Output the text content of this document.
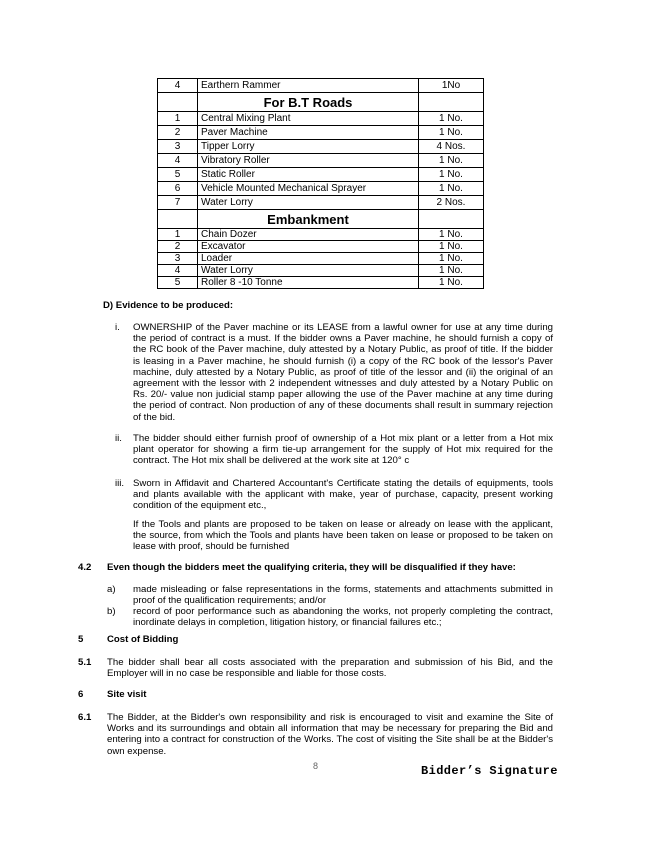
4	Earthern Rammer	1No
	For B.T Roads	
1	Central Mixing Plant	1 No.
2	Paver Machine	1 No.
3	Tipper Lorry	4 Nos.
4	Vibratory Roller	1 No.
5	Static Roller	1 No.
6	Vehicle Mounted Mechanical Sprayer	1 No.
7	Water Lorry	2 Nos.
	Embankment	
1	Chain Dozer	1 No.
2	Excavator	1 No.
3	Loader	1 No.
4	Water Lorry	1 No.
5	Roller 8 -10 Tonne	1 No.
D) Evidence to be produced:
i. OWNERSHIP of the Paver machine or its LEASE from a lawful owner for use at any time during the period of contract is a must. If the bidder owns a Paver machine, he should furnish a copy of the RC book of the Paver machine, duly attested by a Notary Public, as proof of title. If the bidder is leasing in a Paver machine, he should furnish (i) a copy of the RC book of the lessor's Paver machine, duly attested by a Notary Public, as proof of title of the lessor and (ii) the original of an agreement with the lessor with 2 independent witnesses and duly attested by a Notary Public on Rs. 20/- value non judicial stamp paper allowing the use of the Paver machine at any time during the period of contract. Non production of any of these documents shall result in summary rejection of the bid.
ii. The bidder should either furnish proof of ownership of a Hot mix plant or a letter from a Hot mix plant operator for showing a firm tie-up arrangement for the supply of Hot mix required for the contract. The Hot mix shall be delivered at the work site at 120° c
iii. Sworn in Affidavit and Chartered Accountant's Certificate stating the details of equipments, tools and plants available with the applicant with make, year of purchase, capacity, present working condition of the equipment etc.,
If the Tools and plants are proposed to be taken on lease or already on lease with the applicant, the source, from which the Tools and plants have been taken on lease or proposed to be taken on lease with proof, should be furnished
4.2 Even though the bidders meet the qualifying criteria, they will be disqualified if they have:
a) made misleading or false representations in the forms, statements and attachments submitted in proof of the qualification requirements; and/or
b) record of poor performance such as abandoning the works, not properly completing the contract, inordinate delays in completion, litigation history, or financial failures etc.;
5 Cost of Bidding
5.1 The bidder shall bear all costs associated with the preparation and submission of his Bid, and the Employer will in no case be responsible and liable for those costs.
6 Site visit
6.1 The Bidder, at the Bidder's own responsibility and risk is encouraged to visit and examine the Site of Works and its surroundings and obtain all information that may be necessary for preparing the Bid and entering into a contract for construction of the Works. The cost of visiting the Site shall be at the Bidder's own expense.
8	Bidder’s Signature
